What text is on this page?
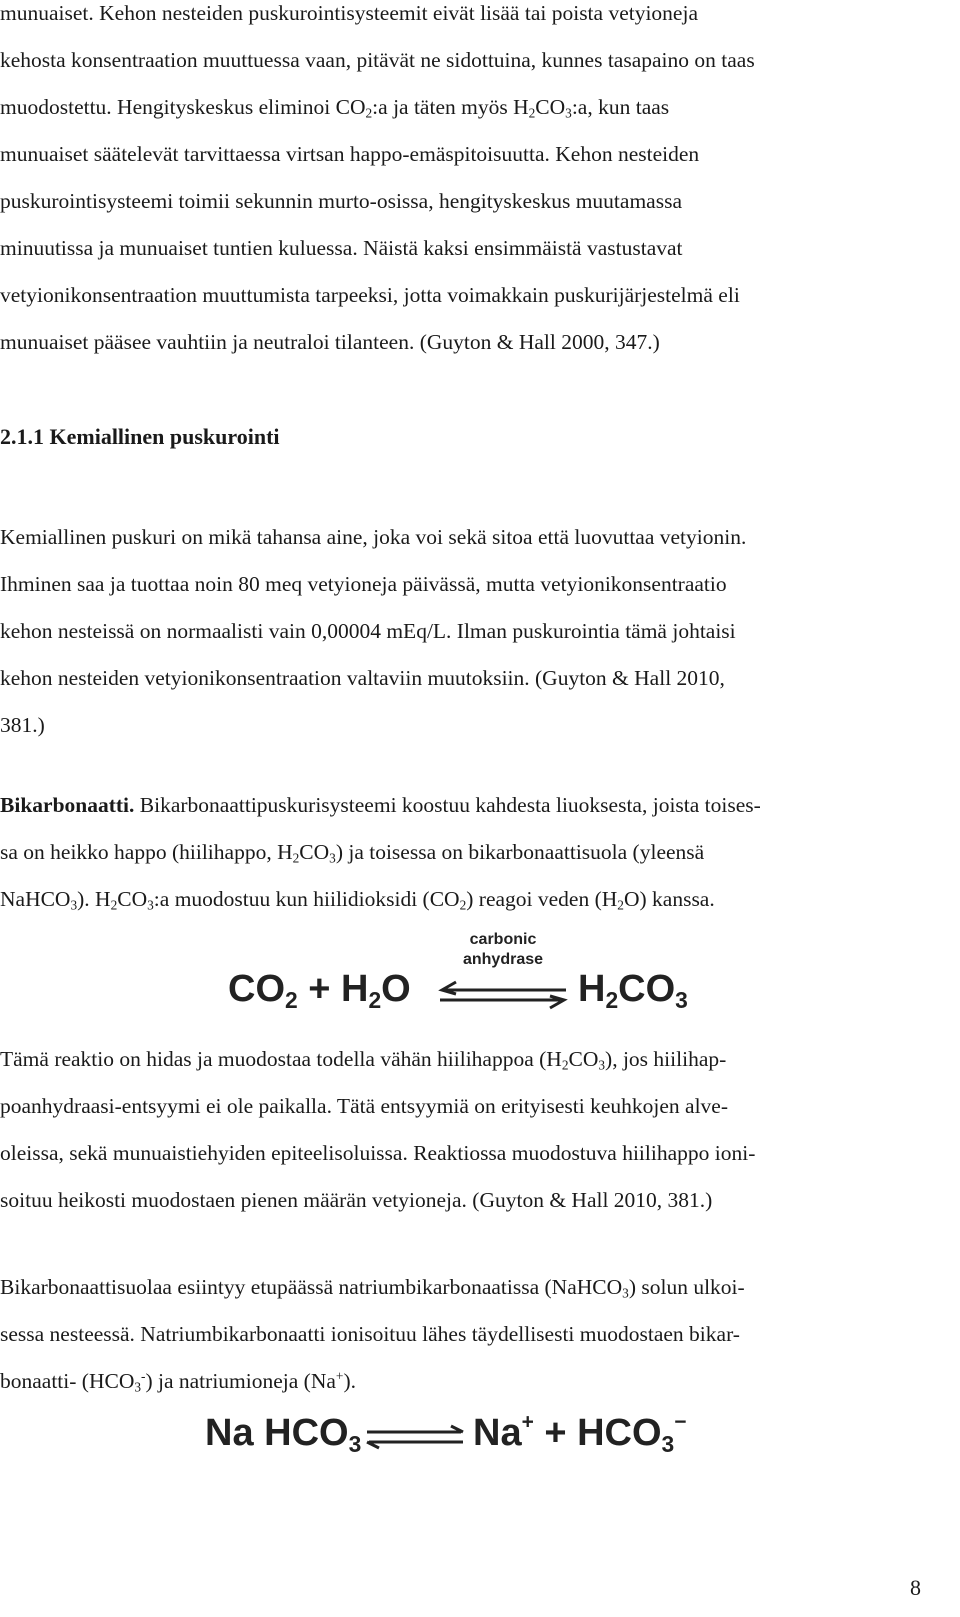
munuaiset. Kehon nesteiden puskurointisysteemit eivät lisää tai poista vetyioneja
kehosta konsentraation muuttuessa vaan, pitävät ne sidottuina, kunnes tasapaino on taas
muodostettu. Hengityskeskus eliminoi $CO_2:a$ ja täten myös $H_2CO_3:a$, kun taas
munuaiset säätelevät tarvittaessa virtsan happo-emäspitoisuutta. Kehon nesteiden
puskurointisysteemi toimii sekunnin murto-osissa, hengityskeskus muutamassa
minuutissa ja munuaiset tuntien kuluessa. Näistä kaksi ensimmäistä vastustavat
vetyionikonsentraation muuttumista tarpeeksi, jotta voimakkain puskurijärjestelmä eli
munuaiset pääsee vauhtiin ja neutraloi tilanteen. (Guyton & Hall 2000, 347.)
2.1.1 Kemiallinen puskurointi
Kemiallinen puskuri on mikä tahansa aine, joka voi sekä sitoa että luovuttaa vetyionin.
Ihminen saa ja tuottaa noin 80 meq vetyioneja päivässä, mutta vetyionikonsentraatio
kehon nesteissä on normaalisti vain 0,00004 mEq/L. Ilman puskurointia tämä johtaisi
kehon nesteiden vetyionikonsentraation valtaviin muutoksiin. (Guyton & Hall 2010,
381.)
Bikarbonaatti. Bikarbonaattipuskurisysteemi koostuu kahdesta liuoksesta, joista toises-
sa on heikko happo (hiilihappo, $H_2CO_3$) ja toisessa on bikarbonaattisuola (yleensä
NaHCO$_3$). $H_2CO_3:a$ muodostuu kun hiilidioksidi $(CO_2)$ reagoi veden $(H_2O)$ kanssa.
carbonic
anhydrase
$CO_2 + H_2O$	$H_2CO_3$
Tämä reaktio on hidas ja muodostaa todella vähän hiilihappoa $(H_2CO_3)$, jos hiilihap-
poanhydraasi-entsyymi ei ole paikalla. Tätä entsyymiä on erityisesti keuhkojen alve-
oleissa, sekä munuaistiehyiden epiteelisoluissa. Reaktiossa muodostuva hiilihappo ioni-
soituu heikosti muodostaen pienen määrän vetyioneja. (Guyton & Hall 2010, 381.)
Bikarbonaattisuolaa esiintyy etupäässä natriumbikarbonaatissa (NaHCO$_3$) solun ulkoi-
sessa nesteessä. Natriumbikarbonaatti ionisoituu lähes täydellisesti muodostaen bikar-
bonaatti- $(HCO_3^-)$ ja natriumioneja (Na+).
Na $HCO_3$	$Na^+ + HCO_3^-$
8
